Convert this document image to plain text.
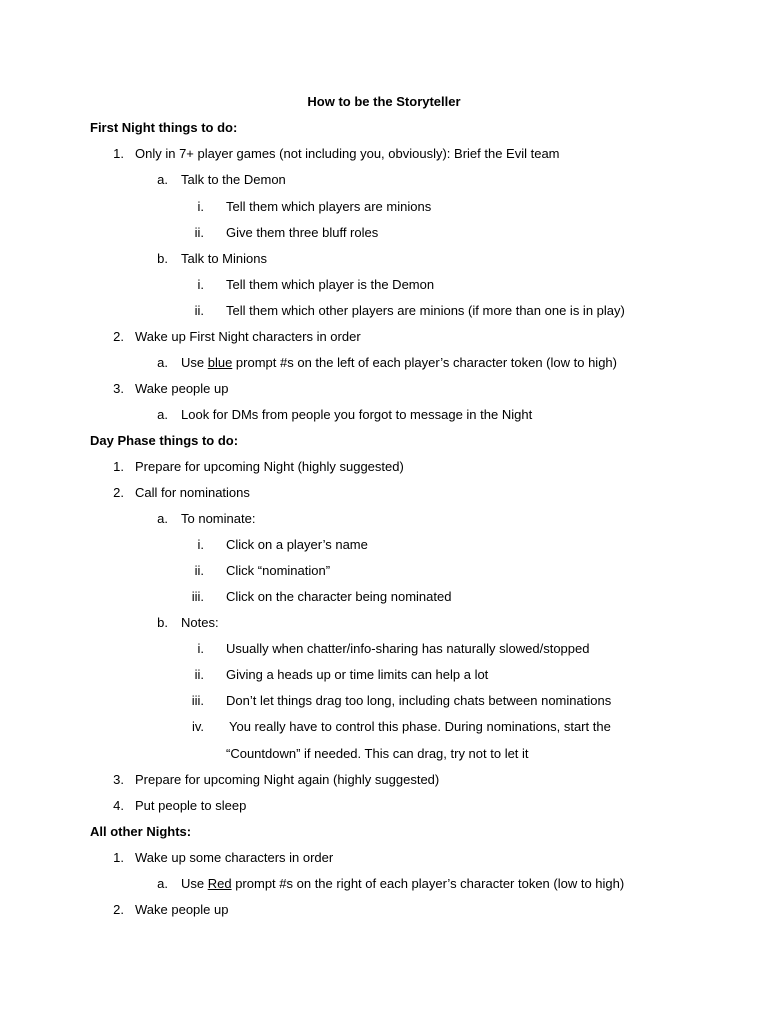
How to be the Storyteller
First Night things to do:
1. Only in 7+ player games (not including you, obviously): Brief the Evil team
a. Talk to the Demon
i. Tell them which players are minions
ii. Give them three bluff roles
b. Talk to Minions
i. Tell them which player is the Demon
ii. Tell them which other players are minions (if more than one is in play)
2. Wake up First Night characters in order
a. Use blue prompt #s on the left of each player’s character token (low to high)
3. Wake people up
a. Look for DMs from people you forgot to message in the Night
Day Phase things to do:
1. Prepare for upcoming Night (highly suggested)
2. Call for nominations
a. To nominate:
i. Click on a player’s name
ii. Click “nomination”
iii. Click on the character being nominated
b. Notes:
i. Usually when chatter/info-sharing has naturally slowed/stopped
ii. Giving a heads up or time limits can help a lot
iii. Don’t let things drag too long, including chats between nominations
iv. You really have to control this phase. During nominations, start the
“Countdown” if needed. This can drag, try not to let it
3. Prepare for upcoming Night again (highly suggested)
4. Put people to sleep
All other Nights:
1. Wake up some characters in order
a. Use Red prompt #s on the right of each player’s character token (low to high)
2. Wake people up
